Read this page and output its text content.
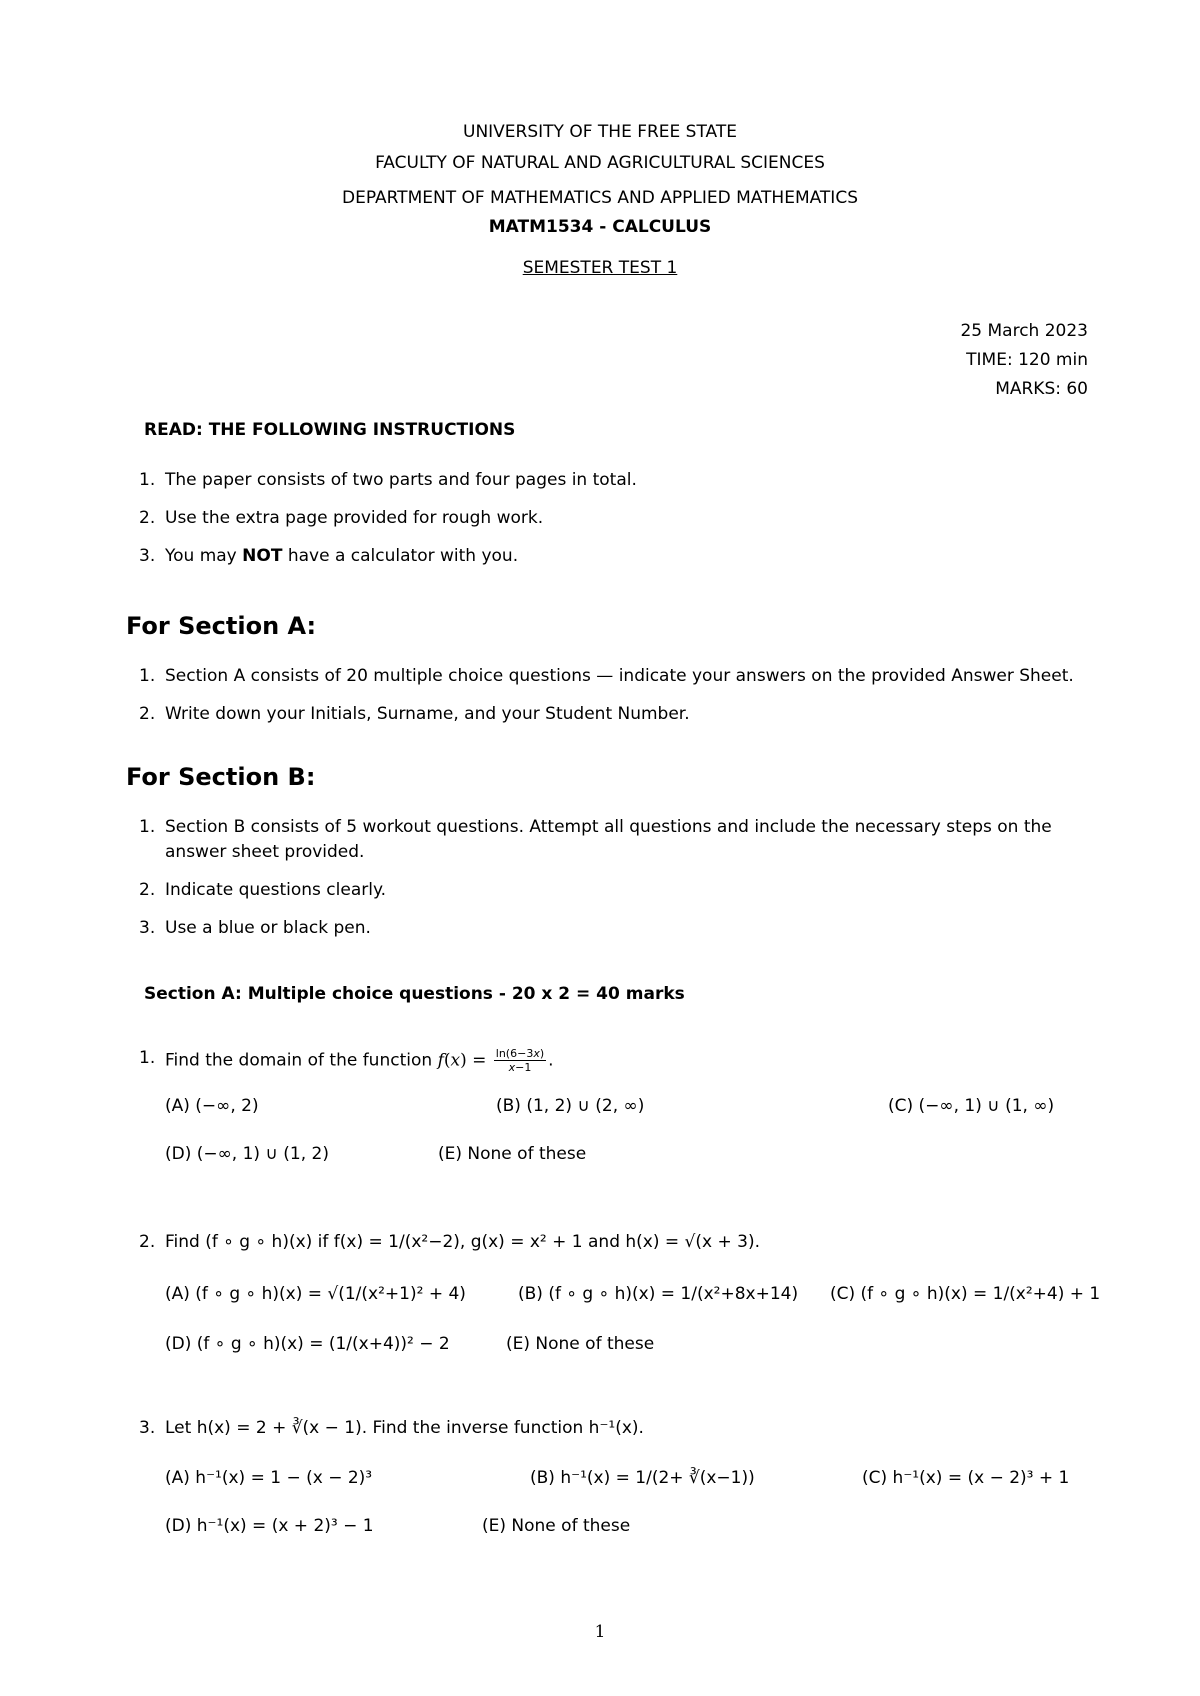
UNIVERSITY OF THE FREE STATE
FACULTY OF NATURAL AND AGRICULTURAL SCIENCES
DEPARTMENT OF MATHEMATICS AND APPLIED MATHEMATICS
MATM1534 - CALCULUS
SEMESTER TEST 1
25 March 2023
TIME: 120 min
MARKS: 60
READ: THE FOLLOWING INSTRUCTIONS
1. The paper consists of two parts and four pages in total.
2. Use the extra page provided for rough work.
3. You may NOT have a calculator with you.
For Section A:
1. Section A consists of 20 multiple choice questions — indicate your answers on the provided Answer Sheet.
2. Write down your Initials, Surname, and your Student Number.
For Section B:
1. Section B consists of 5 workout questions. Attempt all questions and include the necessary steps on the answer sheet provided.
2. Indicate questions clearly.
3. Use a blue or black pen.
Section A: Multiple choice questions - 20 x 2 = 40 marks
1. Find the domain of the function $f(x) = \frac{\ln(6-3x)}{x-1}$ .
(A) (−∞, 2)	(B) (1, 2) ∪ (2, ∞)	(C) (−∞, 1) ∪ (1, ∞)
(D) (−∞, 1) ∪ (1, 2)	(E) None of these
2. Find (f ∘ g ∘ h)(x) if f(x) = 1/(x²−2), g(x) = x² + 1 and h(x) = √(x + 3).
(A) (f ∘ g ∘ h)(x) = √(1/(x²+1)² + 4)	(B) (f ∘ g ∘ h)(x) = 1/(x²+8x+14) (C) (f ∘ g ∘ h)(x) = 1/(x²+4) + 1
(D) (f ∘ g ∘ h)(x) = (1/(x+4))² − 2	(E) None of these
3. Let h(x) = 2 + ∛(x − 1). Find the inverse function h⁻¹(x).
(A) h⁻¹(x) = 1 − (x − 2)³	(B) h⁻¹(x) = 1/(2+ ∛(x−1))	(C) h⁻¹(x) = (x − 2)³ + 1
(D) h⁻¹(x) = (x + 2)³ − 1	(E) None of these
1
